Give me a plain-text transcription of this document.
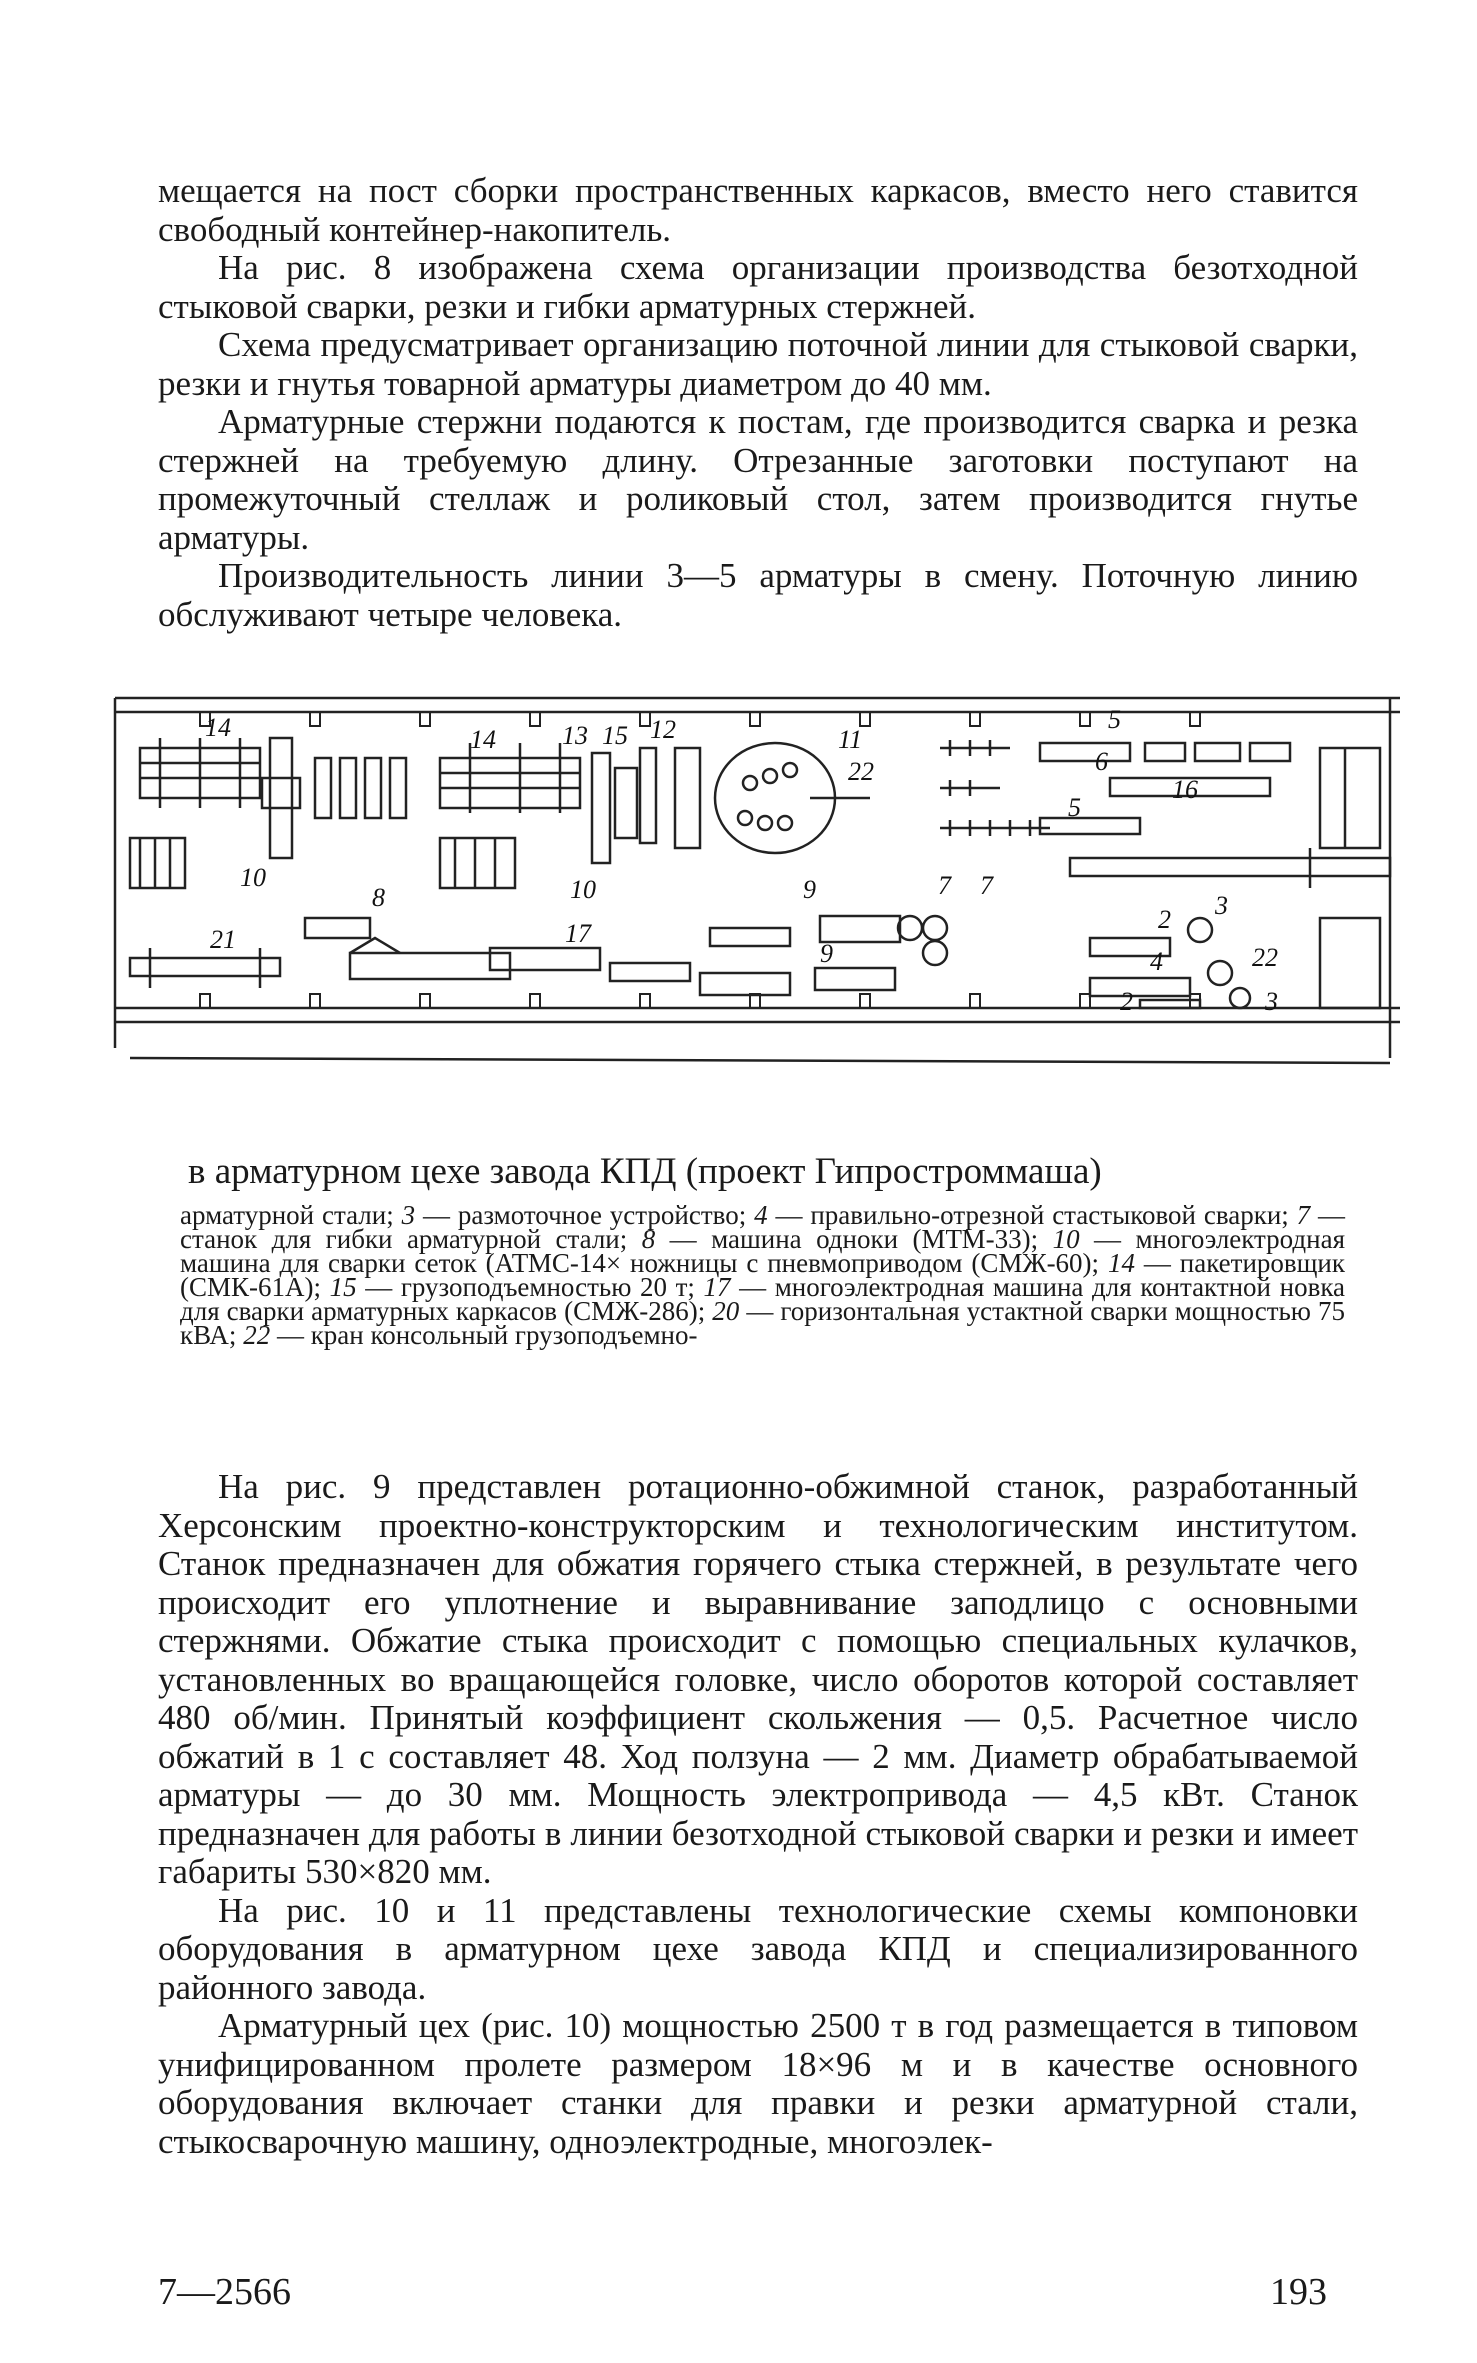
мещается на пост сборки пространственных каркасов, вместо него ставится свободный контейнер-накопитель.

На рис. 8 изображена схема организации производства безотходной стыковой сварки, резки и гибки арматурных стержней.

Схема предусматривает организацию поточной линии для стыковой сварки, резки и гнутья товарной арматуры диаметром до 40 мм.

Арматурные стержни подаются к постам, где производится сварка и резка стержней на требуемую длину. Отрезанные заготовки поступают на промежуточный стеллаж и роликовый стол, затем производится гнутье арматуры.

Производительность линии 3—5 арматуры в смену. Поточную линию обслуживают четыре человека.

14	14	13 15 12	11
22
5
6
5
16
10
8	10	9	7 7
2 3
21	17
9	4	22
2	3

в арматурном цехе завода КПД (проект Гипростроммаша)

арматурной стали; 3 — размоточное устройство; 4 — правильно-отрезной стастыковой сварки; 7 — станок для гибки арматурной стали; 8 — машина одноки (МТМ-33); 10 — многоэлектродная машина для сварки сеток (АТМС-14× ножницы с пневмоприводом (СМЖ-60); 14 — пакетировщик (СМК-61А); 15 — грузоподъемностью 20 т; 17 — многоэлектродная машина для контактной новка для сварки арматурных каркасов (СМЖ-286); 20 — горизонтальная устактной сварки мощностью 75 кВА; 22 — кран консольный грузоподъемно-

На рис. 9 представлен ротационно-обжимной станок, разработанный Херсонским проектно-конструкторским и технологическим институтом. Станок предназначен для обжатия горячего стыка стержней, в результате чего происходит его уплотнение и выравнивание заподлицо с основными стержнями. Обжатие стыка происходит с помощью специальных кулачков, установленных во вращающейся головке, число оборотов которой составляет 480 об/мин. Принятый коэффициент скольжения — 0,5. Расчетное число обжатий в 1 с составляет 48. Ход ползуна — 2 мм. Диаметр обрабатываемой арматуры — до 30 мм. Мощность электропривода — 4,5 кВт. Станок предназначен для работы в линии безотходной стыковой сварки и резки и имеет габариты 530×820 мм.

На рис. 10 и 11 представлены технологические схемы компоновки оборудования в арматурном цехе завода КПД и специализированного районного завода.

Арматурный цех (рис. 10) мощностью 2500 т в год размещается в типовом унифицированном пролете размером 18×96 м и в качестве основного оборудования включает станки для правки и резки арматурной стали, стыкосварочную машину, одноэлектродные, многоэлек-

7—2566	193
